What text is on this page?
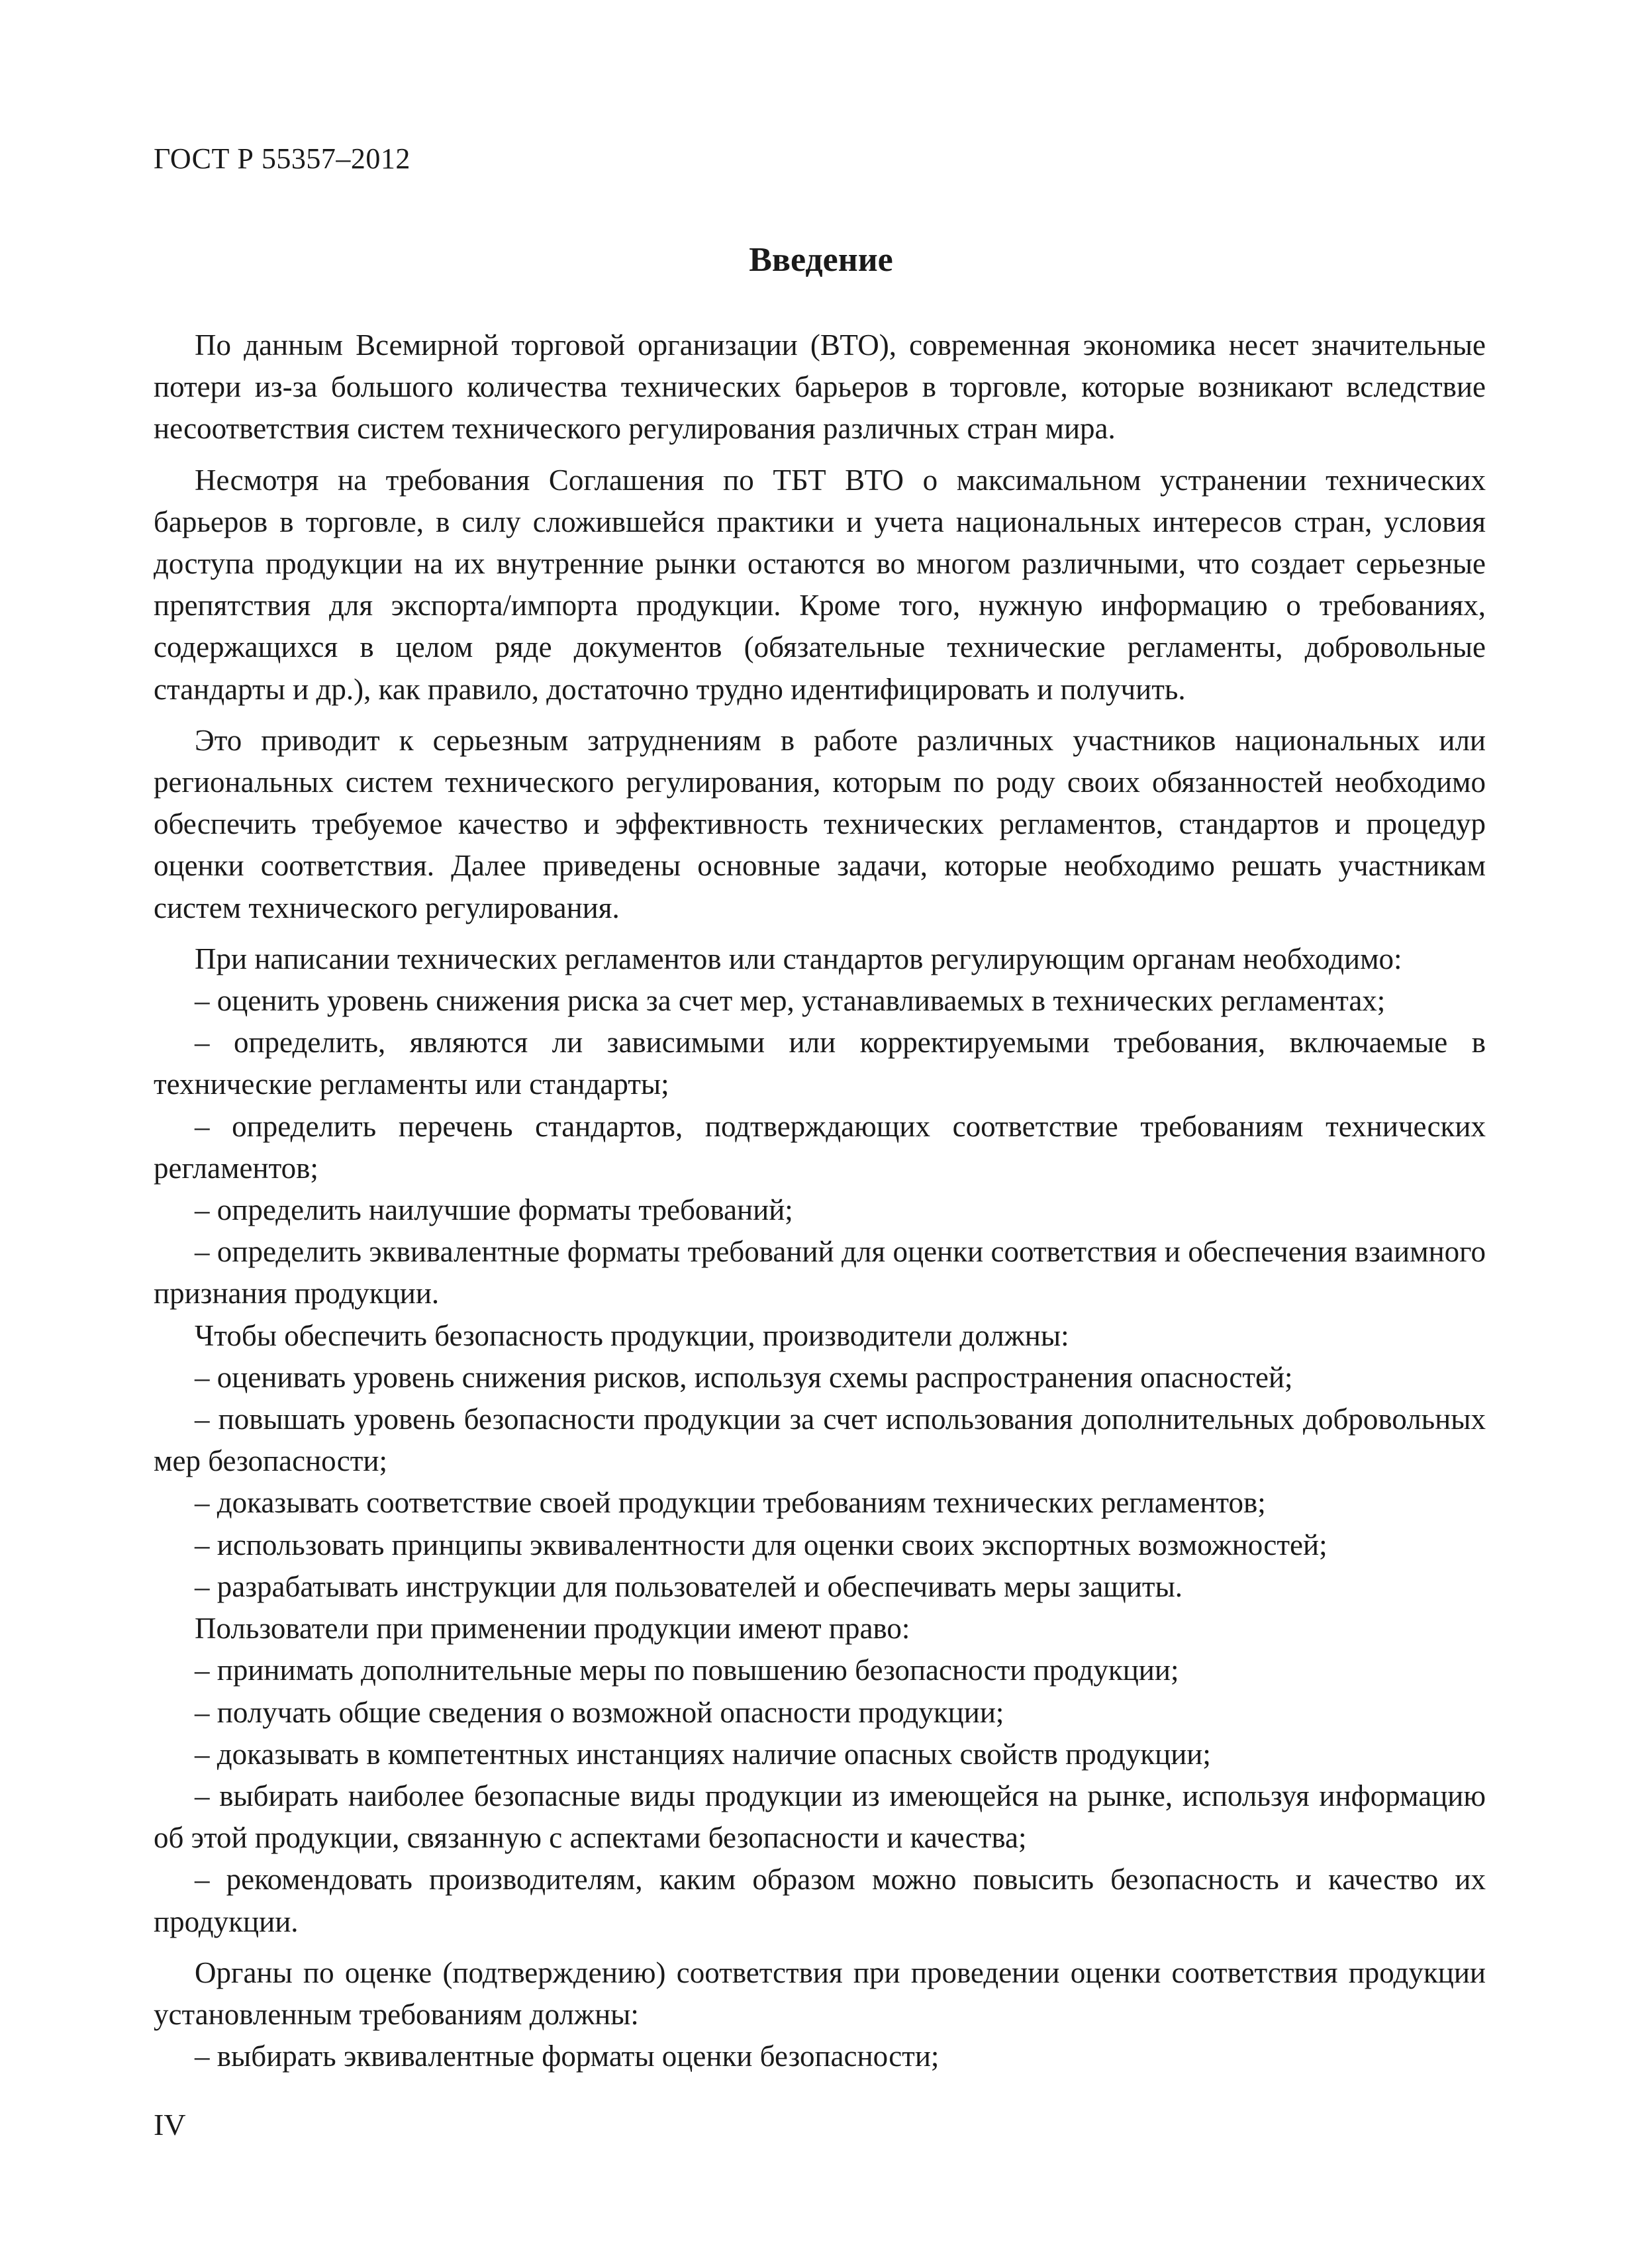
ГОСТ Р 55357–2012
Введение

По данным Всемирной торговой организации (ВТО), современная экономика несет значительные потери из-за большого количества технических барьеров в торговле, которые возникают вследствие несоответствия систем технического регулирования различных стран мира.

Несмотря на требования Соглашения по ТБТ ВТО о максимальном устранении технических барьеров в торговле, в силу сложившейся практики и учета национальных интересов стран, условия доступа продукции на их внутренние рынки остаются во многом различными, что создает серьезные препятствия для экспорта/импорта продукции. Кроме того, нужную информацию о требованиях, содержащихся в целом ряде документов (обязательные технические регламенты, добровольные стандарты и др.), как правило, достаточно трудно идентифицировать и получить.

Это приводит к серьезным затруднениям в работе различных участников национальных или региональных систем технического регулирования, которым по роду своих обязанностей необходимо обеспечить требуемое качество и эффективность технических регламентов, стандартов и процедур оценки соответствия. Далее приведены основные задачи, которые необходимо решать участникам систем технического регулирования.

При написании технических регламентов или стандартов регулирующим органам необходимо:

– оценить уровень снижения риска за счет мер, устанавливаемых в технических регламентах;

– определить, являются ли зависимыми или корректируемыми требования, включаемые в технические регламенты или стандарты;

– определить перечень стандартов, подтверждающих соответствие требованиям технических регламентов;

– определить наилучшие форматы требований;

– определить эквивалентные форматы требований для оценки соответствия и обеспечения взаимного признания продукции.

Чтобы обеспечить безопасность продукции, производители должны:

– оценивать уровень снижения рисков, используя схемы распространения опасностей;

– повышать уровень безопасности продукции за счет использования дополнительных добровольных мер безопасности;

– доказывать соответствие своей продукции требованиям технических регламентов;

– использовать принципы эквивалентности для оценки своих экспортных возможностей;

– разрабатывать инструкции для пользователей и обеспечивать меры защиты.

Пользователи при применении продукции имеют право:

– принимать дополнительные меры по повышению безопасности продукции;

– получать общие сведения о возможной опасности продукции;

– доказывать в компетентных инстанциях наличие опасных свойств продукции;

– выбирать наиболее безопасные виды продукции из имеющейся на рынке, используя информацию об этой продукции, связанную с аспектами безопасности и качества;

– рекомендовать производителям, каким образом можно повысить безопасность и качество их продукции.

Органы по оценке (подтверждению) соответствия при проведении оценки соответствия продукции установленным требованиям должны:

– выбирать эквивалентные форматы оценки безопасности;

IV
